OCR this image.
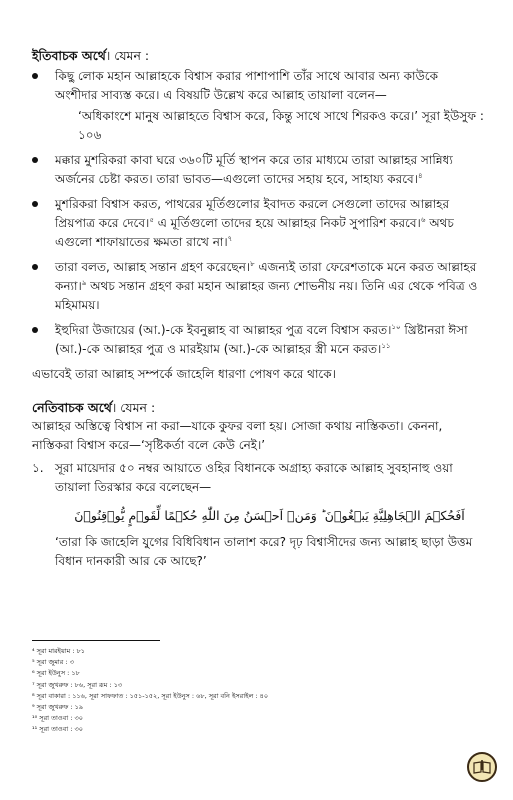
ইতিবাচক অর্থে। যেমন :

কিছু লোক মহান আল্লাহকে বিশ্বাস করার পাশাপাশি তাঁর সাথে আবার অন্য কাউকে অংশীদার সাব্যস্ত করে। এ বিষয়টি উল্লেখ করে আল্লাহ তায়ালা বলেন—
‘অধিকাংশে মানুষ আল্লাহতে বিশ্বাস করে, কিন্তু সাথে সাথে শিরকও করে।’ সূরা ইউসুফ : ১০৬
মক্কার মুশরিকরা কাবা ঘরে ৩৬০টি মূর্তি স্থাপন করে তার মাধ্যমে তারা আল্লাহর সান্নিধ্য অর্জনের চেষ্টা করত। তারা ভাবত—এগুলো তাদের সহায় হবে, সাহায্য করবে।$^৪$
মুশরিকরা বিশ্বাস করত, পাথরের মূর্তিগুলোর ইবাদত করলে সেগুলো তাদের আল্লাহর প্রিয়পাত্র করে দেবে।$^৫$ এ মূর্তিগুলো তাদের হয়ে আল্লাহর নিকট সুপারিশ করবে।$^৬$ অথচ এগুলো শাফায়াতের ক্ষমতা রাখে না।$^৭$
তারা বলত, আল্লাহ সন্তান গ্রহণ করেছেন।$^৮$ এজন্যই তারা ফেরেশতাকে মনে করত আল্লাহর কন্যা।$^৯$ অথচ সন্তান গ্রহণ করা মহান আল্লাহর জন্য শোভনীয় নয়। তিনি এর থেকে পবিত্র ও মহিমাময়।
ইহুদিরা উজায়ের (আ.)-কে ইবনুল্লাহ বা আল্লাহর পুত্র বলে বিশ্বাস করত।$^{১০}$ খ্রিষ্টানরা ঈসা (আ.)-কে আল্লাহর পুত্র ও মারইয়াম (আ.)-কে আল্লাহর স্ত্রী মনে করত।$^{১১}$

এভাবেই তারা আল্লাহ সম্পর্কে জাহেলি ধারণা পোষণ করে থাকে।

নেতিবাচক অর্থে। যেমন :

আল্লাহর অস্তিত্বে বিশ্বাস না করা—যাকে কুফর বলা হয়। সোজা কথায় নাস্তিকতা। কেননা, নাস্তিকরা বিশ্বাস করে—‘সৃষ্টিকর্তা বলে কেউ নেই।’

১. সূরা মায়েদার ৫০ নম্বর আয়াতে ওহির বিধানকে অগ্রাহ্য করাকে আল্লাহ সুবহানাহু ওয়া তায়ালা তিরস্কার করে বলেছেন—
اَفَحُكۡمَ الۡجَاهِلِيَّةِ يَبۡغُوۡنَ ؕ وَمَنۡ اَحۡسَنُ مِنَ اللّٰهِ حُكۡمًا لِّقَوۡمٍ يُّوۡقِنُوۡنَ
‘তারা কি জাহেলি যুগের বিধিবিধান তালাশ করে? দৃঢ় বিশ্বাসীদের জন্য আল্লাহ ছাড়া উত্তম বিধান দানকারী আর কে আছে?’
⁴ সূরা মারইয়াম : ৮১
⁵ সূরা জুমার : ৩
⁶ সূরা ইউনুস : ১৮
⁷ সূরা জুখরুফ : ৮৬, সূরা রূম : ১৩
⁸ সূরা বাকারা : ১১৬, সূরা সাফফাত : ১৫১-১৫২, সূরা ইউনুস : ৬৮, সূরা বনি ইসরাইল : ৪০
⁹ সূরা জুখরুফ : ১৯
¹⁰ সূরা তাওবা : ৩০
¹¹ সূরা তাওবা : ৩০
